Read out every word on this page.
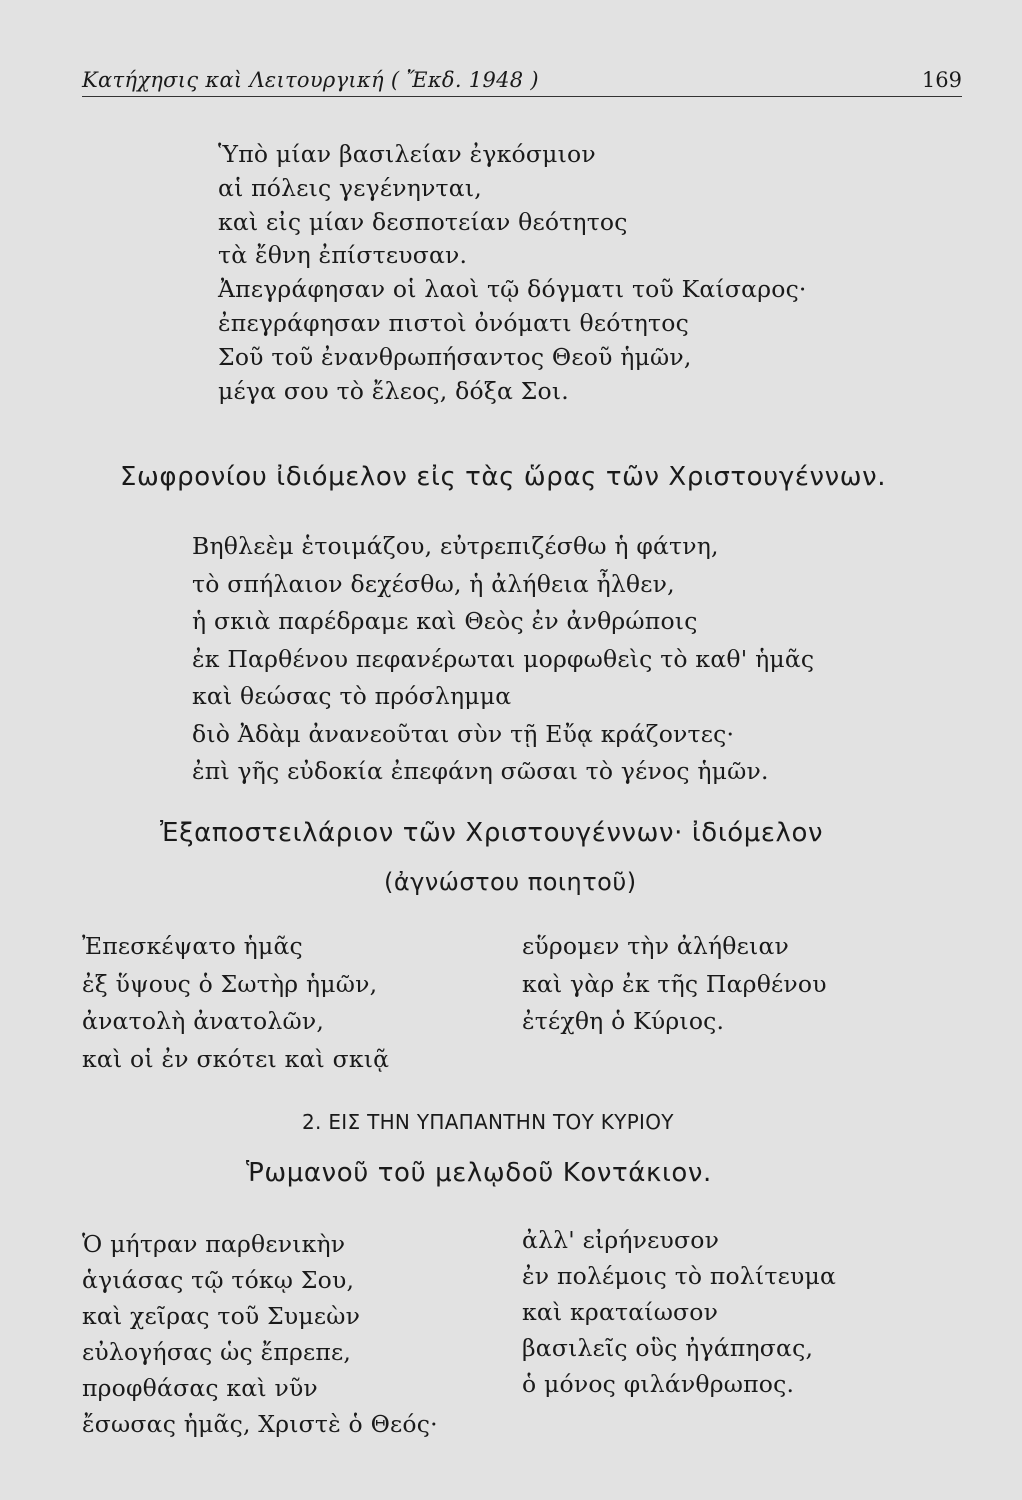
Κατήχησις καὶ Λειτουργική ( Ἔκδ. 1948 )	169
Ὑπὸ μίαν βασιλείαν ἐγκόσμιον
αἱ πόλεις γεγένηνται,
καὶ εἰς μίαν δεσποτείαν θεότητος
τὰ ἔθνη ἐπίστευσαν.
Ἀπεγράφησαν οἱ λαοὶ τῷ δόγματι τοῦ Καίσαρος·
ἐπεγράφησαν πιστοὶ ὀνόματι θεότητος
Σοῦ τοῦ ἐνανθρωπήσαντος Θεοῦ ἡμῶν,
μέγα σου τὸ ἔλεος, δόξα Σοι.
Σωφρονίου ἰδιόμελον εἰς τὰς ὥρας τῶν Χριστουγέννων.
Βηθλεὲμ ἑτοιμάζου, εὐτρεπιζέσθω ἡ φάτνη,
τὸ σπήλαιον δεχέσθω, ἡ ἀλήθεια ἦλθεν,
ἡ σκιὰ παρέδραμε καὶ Θεὸς ἐν ἀνθρώποις
ἐκ Παρθένου πεφανέρωται μορφωθεὶς τὸ καθ' ἡμᾶς
καὶ θεώσας τὸ πρόσλημμα
διὸ Ἀδὰμ ἀνανεοῦται σὺν τῇ Εὔᾳ κράζοντες·
ἐπὶ γῆς εὐδοκία ἐπεφάνη σῶσαι τὸ γένος ἡμῶν.
Ἐξαποστειλάριον τῶν Χριστουγέννων· ἰδιόμελον
(ἀγνώστου ποιητοῦ)
Ἐπεσκέψατο ἡμᾶς
ἐξ ὕψους ὁ Σωτὴρ ἡμῶν,
ἀνατολὴ ἀνατολῶν,
καὶ οἱ ἐν σκότει καὶ σκιᾷ
εὕρομεν τὴν ἀλήθειαν
καὶ γὰρ ἐκ τῆς Παρθένου
ἐτέχθη ὁ Κύριος.
2. ΕΙΣ ΤΗΝ ΥΠΑΠΑΝΤΗΝ ΤΟΥ ΚΥΡΙΟΥ
Ῥωμανοῦ τοῦ μελῳδοῦ Κοντάκιον.
Ὁ μήτραν παρθενικὴν
ἁγιάσας τῷ τόκῳ Σου,
καὶ χεῖρας τοῦ Συμεὼν
εὐλογήσας ὡς ἔπρεπε,
προφθάσας καὶ νῦν
ἔσωσας ἡμᾶς, Χριστὲ ὁ Θεός·
ἀλλ' εἰρήνευσον
ἐν πολέμοις τὸ πολίτευμα
καὶ κραταίωσον
βασιλεῖς οὓς ἠγάπησας,
ὁ μόνος φιλάνθρωπος.
